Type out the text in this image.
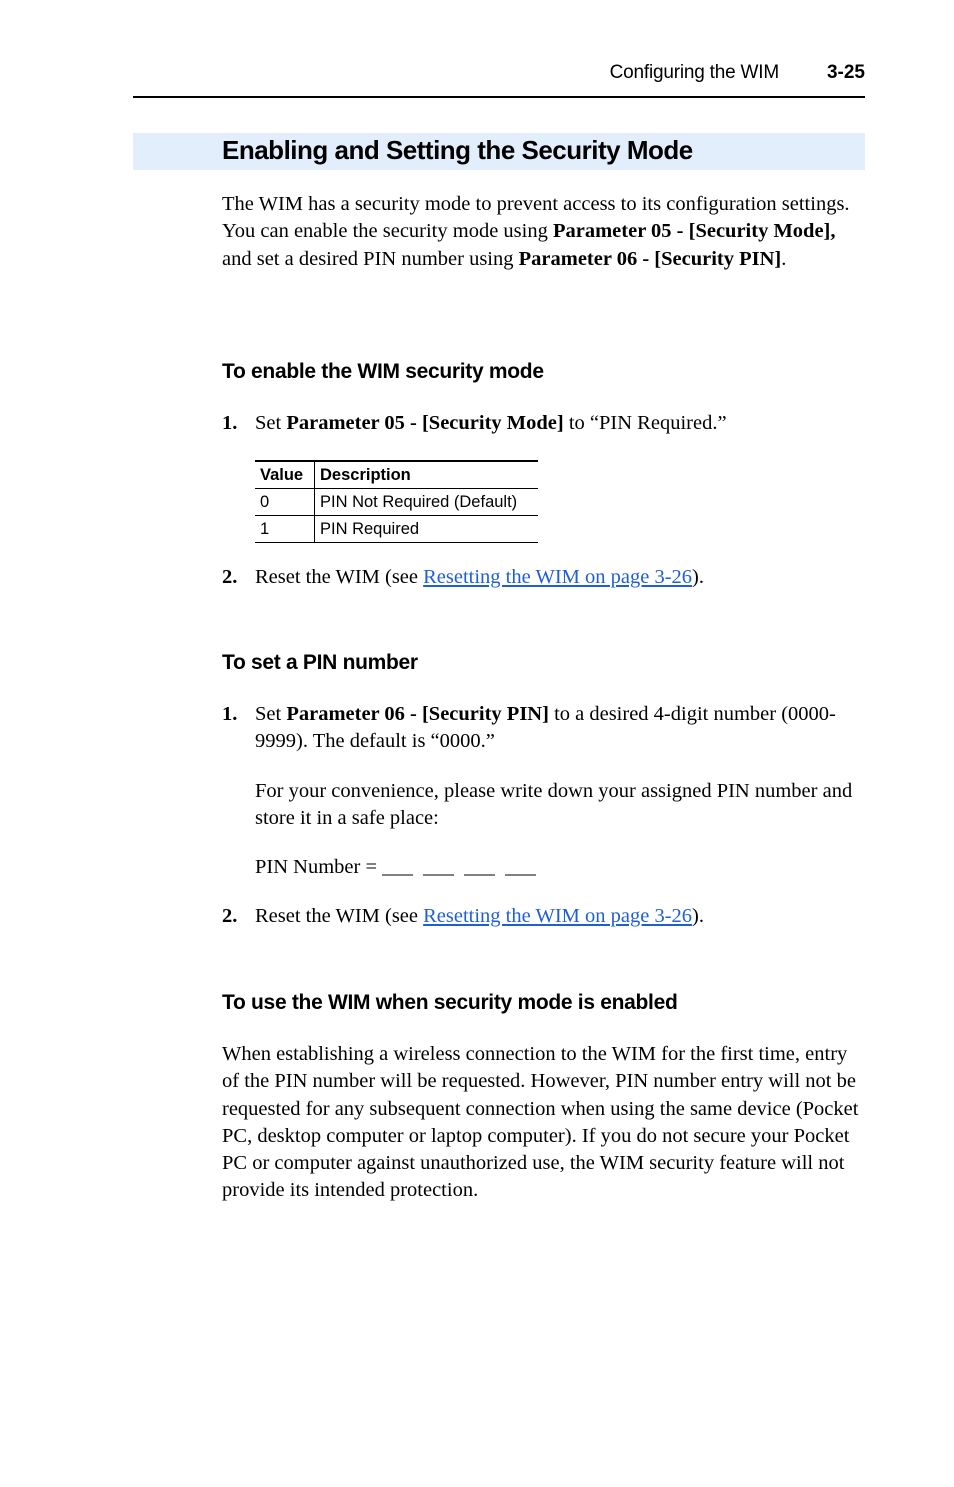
Configuring the WIM	3-25
Enabling and Setting the Security Mode

The WIM has a security mode to prevent access to its configuration settings. You can enable the security mode using Parameter 05 - [Security Mode], and set a desired PIN number using Parameter 06 - [Security PIN].

To enable the WIM security mode
1. Set Parameter 05 - [Security Mode] to “PIN Required.”
Value	Description
0	PIN Not Required (Default)
1	PIN Required
2. Reset the WIM (see Resetting the WIM on page 3-26).
To set a PIN number
1. Set Parameter 06 - [Security PIN] to a desired 4-digit number (0000-9999). The default is “0000.”
For your convenience, please write down your assigned PIN number and store it in a safe place:
PIN Number = ___  ___  ___  ___
2. Reset the WIM (see Resetting the WIM on page 3-26).
To use the WIM when security mode is enabled

When establishing a wireless connection to the WIM for the first time, entry of the PIN number will be requested. However, PIN number entry will not be requested for any subsequent connection when using the same device (Pocket PC, desktop computer or laptop computer). If you do not secure your Pocket PC or computer against unauthorized use, the WIM security feature will not provide its intended protection.
